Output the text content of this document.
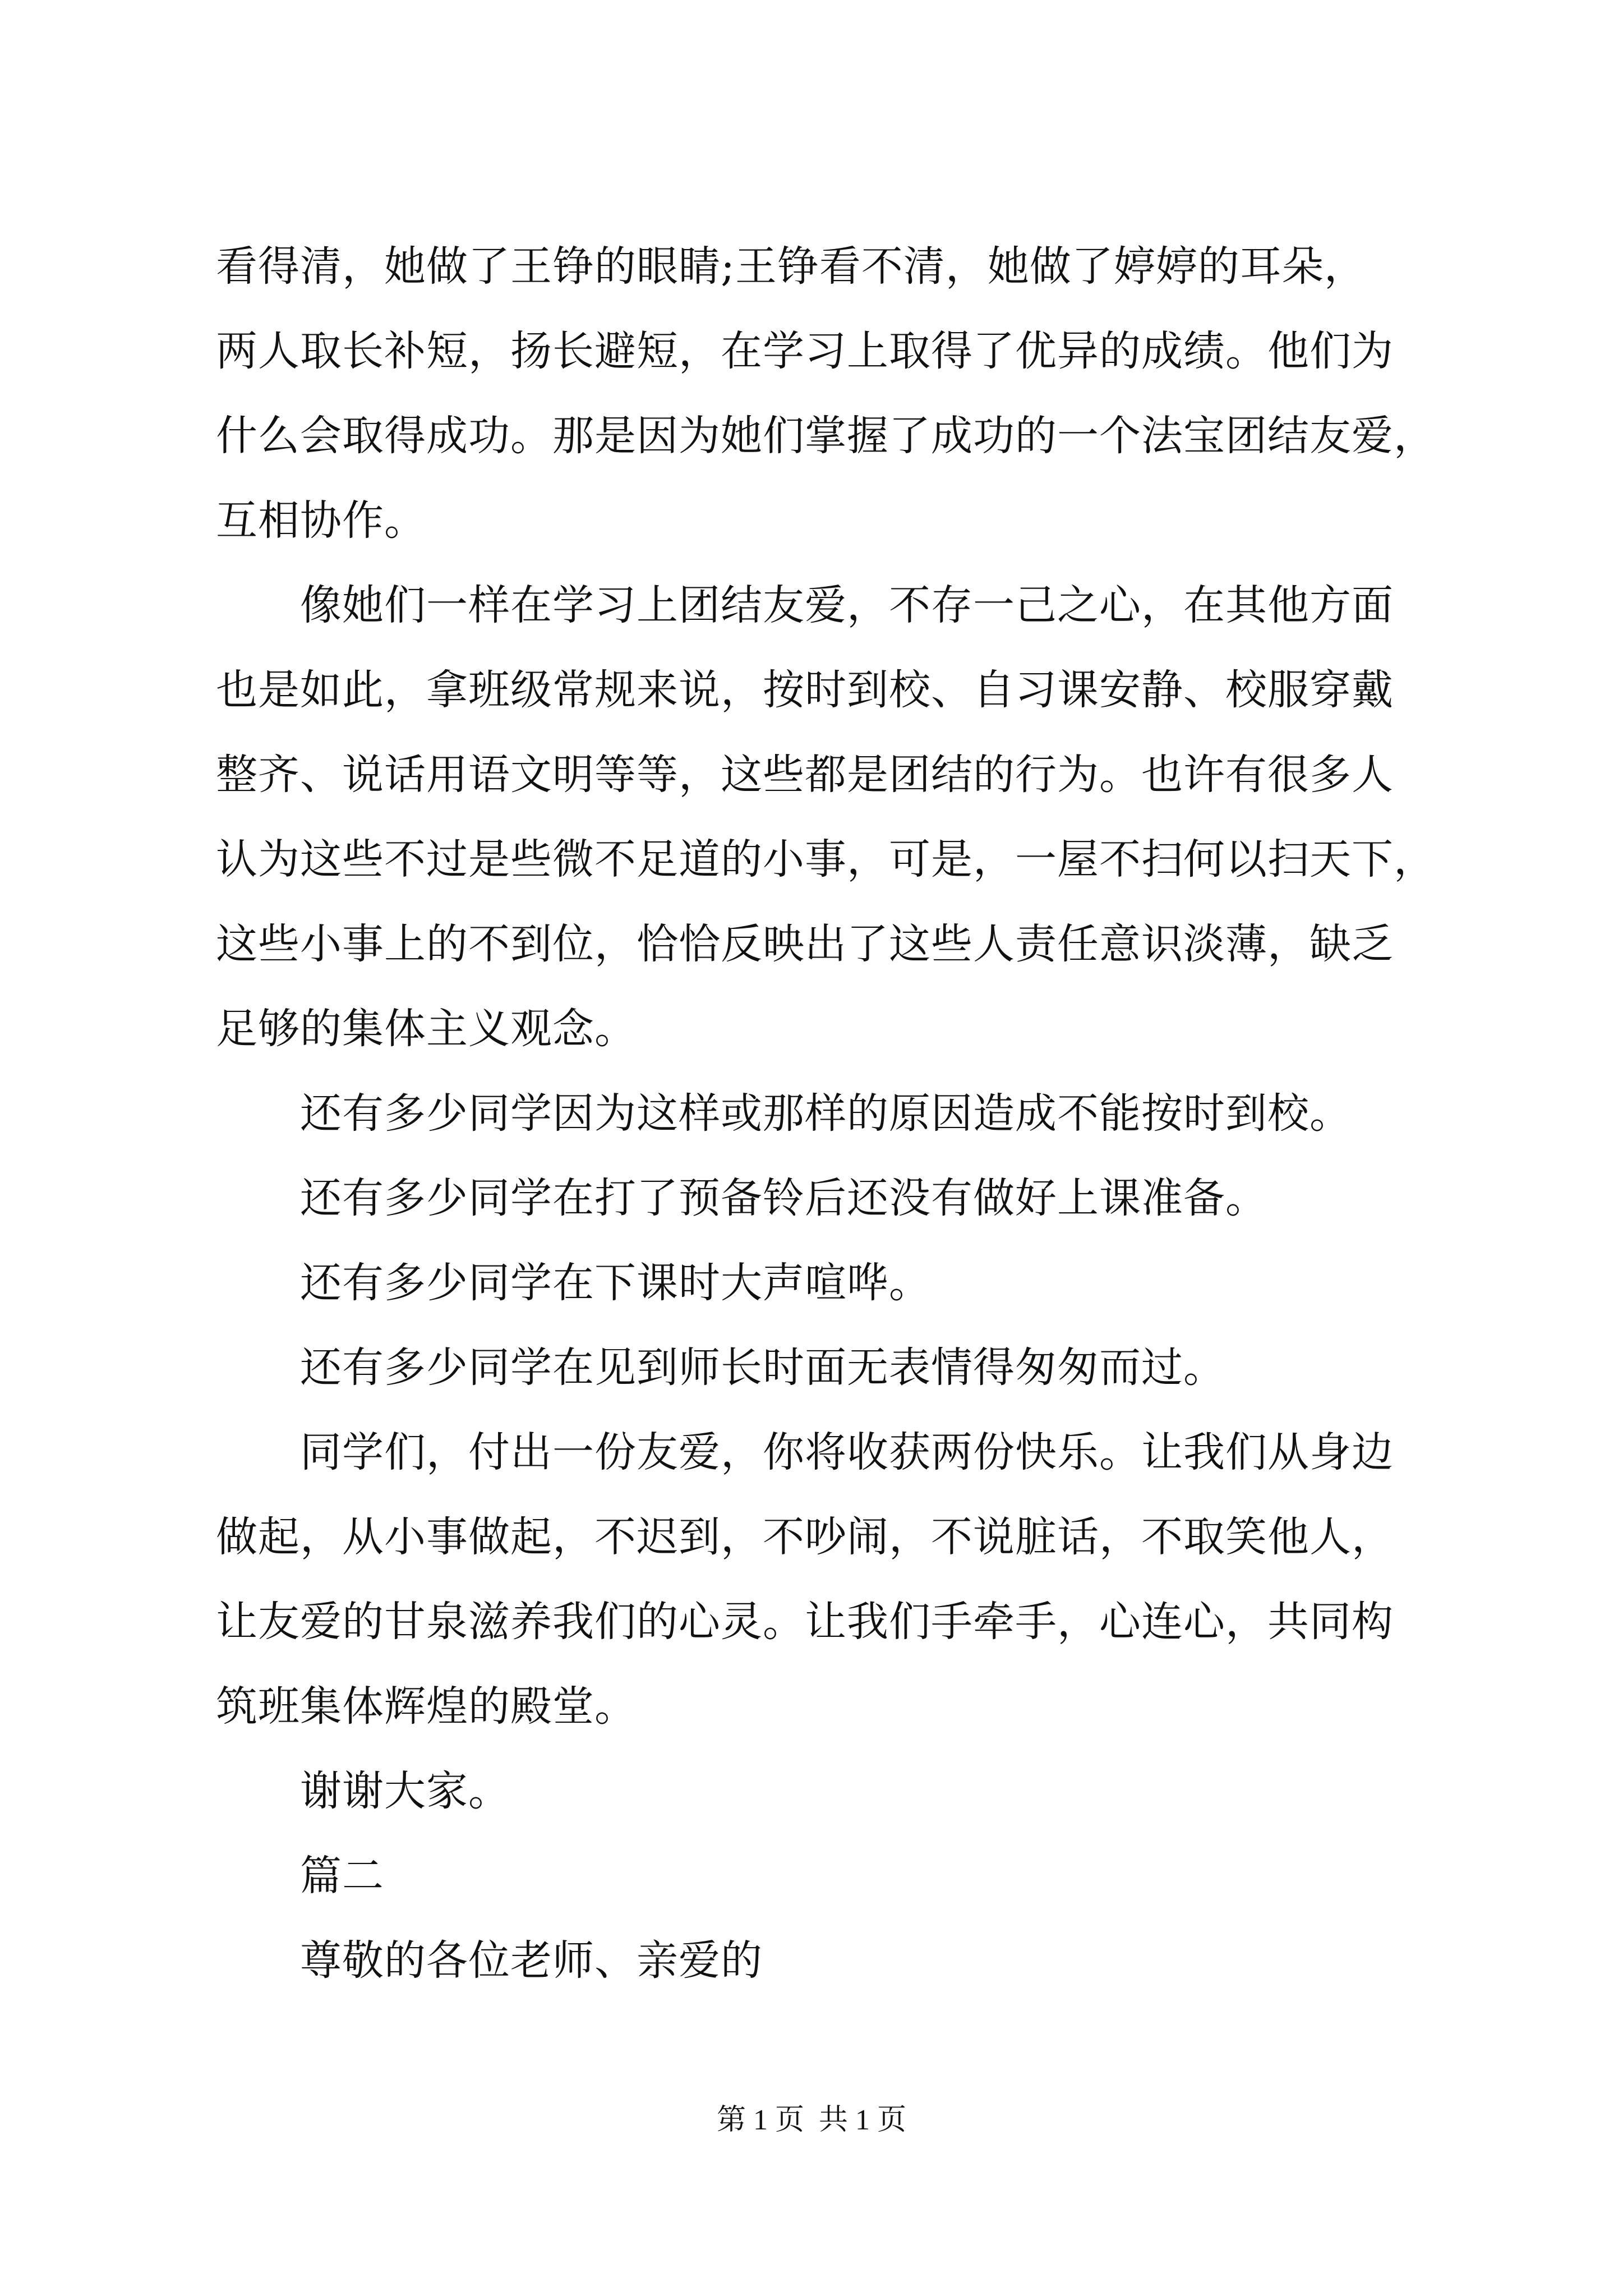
看得清，她做了王铮的眼睛;王铮看不清，她做了婷婷的耳朵，
两人取长补短，扬长避短，在学习上取得了优异的成绩。他们为
什么会取得成功。那是因为她们掌握了成功的一个法宝团结友爱，
互相协作。
像她们一样在学习上团结友爱，不存一己之心，在其他方面
也是如此，拿班级常规来说，按时到校、自习课安静、校服穿戴
整齐、说话用语文明等等，这些都是团结的行为。也许有很多人
认为这些不过是些微不足道的小事，可是，一屋不扫何以扫天下，
这些小事上的不到位，恰恰反映出了这些人责任意识淡薄，缺乏
足够的集体主义观念。
还有多少同学因为这样或那样的原因造成不能按时到校。
还有多少同学在打了预备铃后还没有做好上课准备。
还有多少同学在下课时大声喧哗。
还有多少同学在见到师长时面无表情得匆匆而过。
同学们，付出一份友爱，你将收获两份快乐。让我们从身边
做起，从小事做起，不迟到，不吵闹，不说脏话，不取笑他人，
让友爱的甘泉滋养我们的心灵。让我们手牵手，心连心，共同构
筑班集体辉煌的殿堂。
谢谢大家。
篇二
尊敬的各位老师、亲爱的
第 1 页  共 1 页
